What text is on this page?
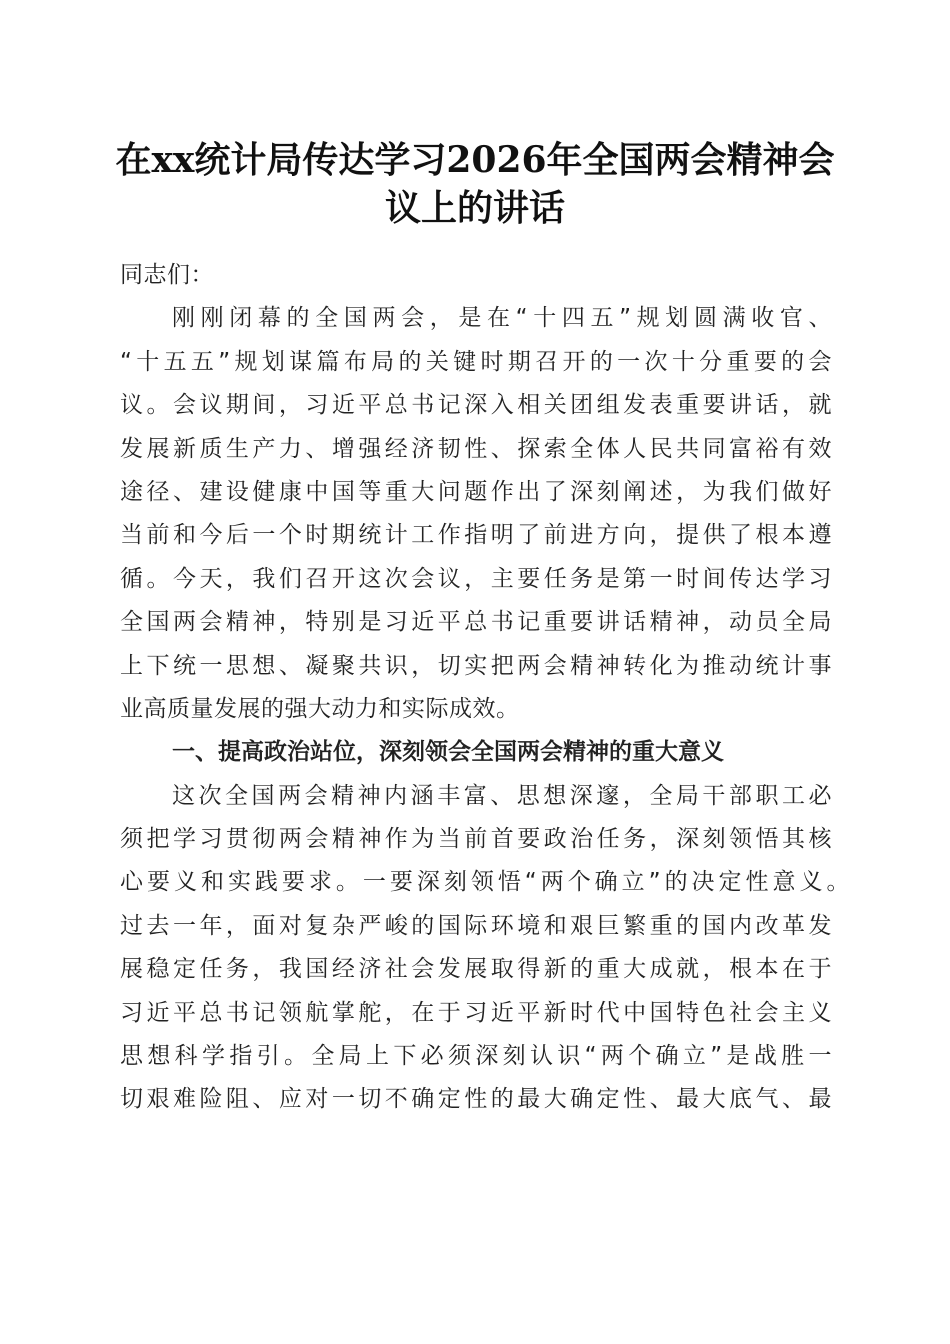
在xx统计局传达学习2026年全国两会精神会
议上的讲话
同志们：
刚刚闭幕的全国两会，是在“十四五”规划圆满收官、
“十五五”规划谋篇布局的关键时期召开的一次十分重要的会
议。会议期间，习近平总书记深入相关团组发表重要讲话，就
发展新质生产力、增强经济韧性、探索全体人民共同富裕有效
途径、建设健康中国等重大问题作出了深刻阐述，为我们做好
当前和今后一个时期统计工作指明了前进方向，提供了根本遵
循。今天，我们召开这次会议，主要任务是第一时间传达学习
全国两会精神，特别是习近平总书记重要讲话精神，动员全局
上下统一思想、凝聚共识，切实把两会精神转化为推动统计事
业高质量发展的强大动力和实际成效。
一、提高政治站位，深刻领会全国两会精神的重大意义
这次全国两会精神内涵丰富、思想深邃，全局干部职工必
须把学习贯彻两会精神作为当前首要政治任务，深刻领悟其核
心要义和实践要求。一要深刻领悟“两个确立”的决定性意义。
过去一年，面对复杂严峻的国际环境和艰巨繁重的国内改革发
展稳定任务，我国经济社会发展取得新的重大成就，根本在于
习近平总书记领航掌舵，在于习近平新时代中国特色社会主义
思想科学指引。全局上下必须深刻认识“两个确立”是战胜一
切艰难险阻、应对一切不确定性的最大确定性、最大底气、最
